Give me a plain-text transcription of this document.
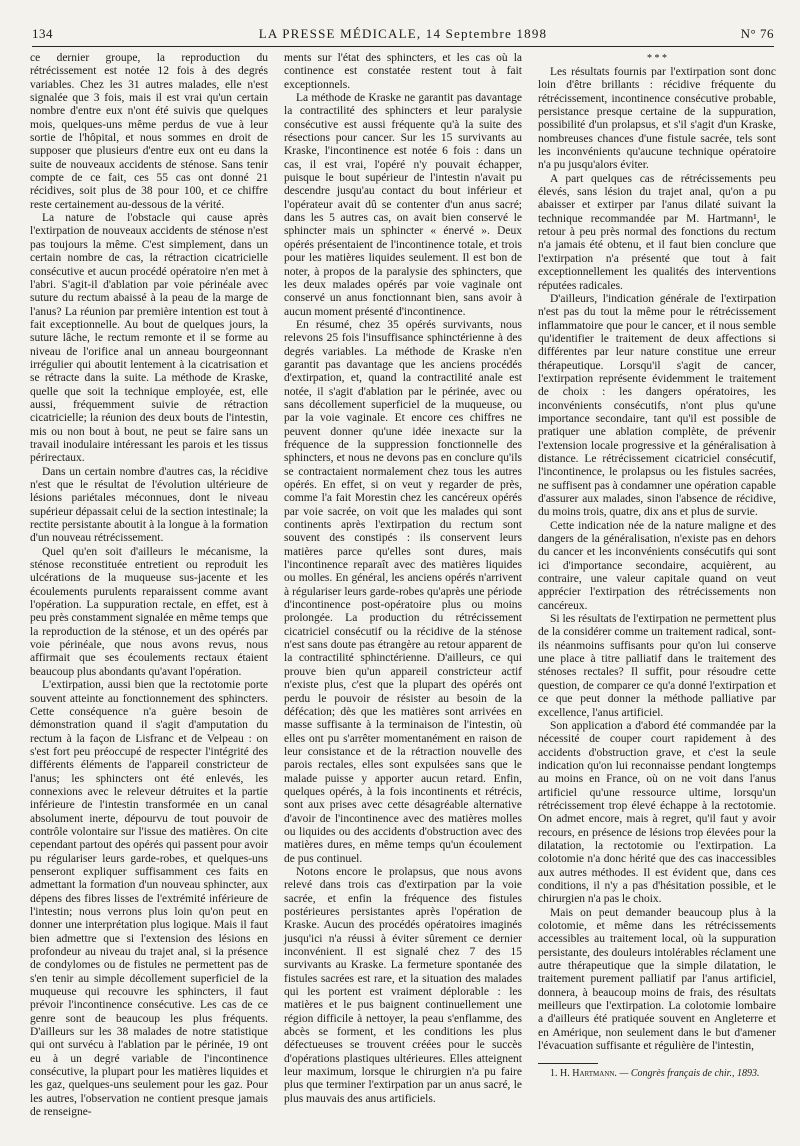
134	LA PRESSE MÉDICALE, 14 Septembre 1898	N° 76

ce dernier groupe, la reproduction du rétrécissement est notée 12 fois à des degrés variables. Chez les 31 autres malades, elle n'est signalée que 3 fois, mais il est vrai qu'un certain nombre d'entre eux n'ont été suivis que quelques mois, quelques-uns même perdus de vue à leur sortie de l'hôpital, et nous sommes en droit de supposer que plusieurs d'entre eux ont eu dans la suite de nouveaux accidents de sténose. Sans tenir compte de ce fait, ces 55 cas ont donné 21 récidives, soit plus de 38 pour 100, et ce chiffre reste certainement au-dessous de la vérité.

La nature de l'obstacle qui cause après l'extirpation de nouveaux accidents de sténose n'est pas toujours la même. C'est simplement, dans un certain nombre de cas, la rétraction cicatricielle consécutive et aucun procédé opératoire n'en met à l'abri. S'agit-il d'ablation par voie périnéale avec suture du rectum abaissé à la peau de la marge de l'anus? La réunion par première intention est tout à fait exceptionnelle. Au bout de quelques jours, la suture lâche, le rectum remonte et il se forme au niveau de l'orifice anal un anneau bourgeonnant irrégulier qui aboutit lentement à la cicatrisation et se rétracte dans la suite. La méthode de Kraske, quelle que soit la technique employée, est, elle aussi, fréquemment suivie de rétraction cicatricielle; la réunion des deux bouts de l'intestin, mis ou non bout à bout, ne peut se faire sans un travail inodulaire intéressant les parois et les tissus périrectaux.

Dans un certain nombre d'autres cas, la récidive n'est que le résultat de l'évolution ultérieure de lésions pariétales méconnues, dont le niveau supérieur dépassait celui de la section intestinale; la rectite persistante aboutit à la longue à la formation d'un nouveau rétrécissement.

Quel qu'en soit d'ailleurs le mécanisme, la sténose reconstituée entretient ou reproduit les ulcérations de la muqueuse sus-jacente et les écoulements purulents reparaissent comme avant l'opération. La suppuration rectale, en effet, est à peu près constamment signalée en même temps que la reproduction de la sténose, et un des opérés par voie périnéale, que nous avons revus, nous affirmait que ses écoulements rectaux étaient beaucoup plus abondants qu'avant l'opération.

L'extirpation, aussi bien que la rectotomie porte souvent atteinte au fonctionnement des sphincters. Cette conséquence n'a guère besoin de démonstration quand il s'agit d'amputation du rectum à la façon de Lisfranc et de Velpeau : on s'est fort peu préoccupé de respecter l'intégrité des différents éléments de l'appareil constricteur de l'anus; les sphincters ont été enlevés, les connexions avec le releveur détruites et la partie inférieure de l'intestin transformée en un canal absolument inerte, dépourvu de tout pouvoir de contrôle volontaire sur l'issue des matières. On cite cependant partout des opérés qui passent pour avoir pu régulariser leurs garde-robes, et quelques-uns penseront expliquer suffisamment ces faits en admettant la formation d'un nouveau sphincter, aux dépens des fibres lisses de l'extrémité inférieure de l'intestin; nous verrons plus loin qu'on peut en donner une interprétation plus logique. Mais il faut bien admettre que si l'extension des lésions en profondeur au niveau du trajet anal, si la présence de condylomes ou de fistules ne permettent pas de s'en tenir au simple décollement superficiel de la muqueuse qui recouvre les sphincters, il faut prévoir l'incontinence consécutive. Les cas de ce genre sont de beaucoup les plus fréquents. D'ailleurs sur les 38 malades de notre statistique qui ont survécu à l'ablation par le périnée, 19 ont eu à un degré variable de l'incontinence consécutive, la plupart pour les matières liquides et les gaz, quelques-uns seulement pour les gaz. Pour les autres, l'observation ne contient presque jamais de renseigne-

ments sur l'état des sphincters, et les cas où la continence est constatée restent tout à fait exceptionnels.

La méthode de Kraske ne garantit pas davantage la contractilité des sphincters et leur paralysie consécutive est aussi fréquente qu'à la suite des résections pour cancer. Sur les 15 survivants au Kraske, l'incontinence est notée 6 fois : dans un cas, il est vrai, l'opéré n'y pouvait échapper, puisque le bout supérieur de l'intestin n'avait pu descendre jusqu'au contact du bout inférieur et l'opérateur avait dû se contenter d'un anus sacré; dans les 5 autres cas, on avait bien conservé le sphincter mais un sphincter « énervé ». Deux opérés présentaient de l'incontinence totale, et trois pour les matières liquides seulement. Il est bon de noter, à propos de la paralysie des sphincters, que les deux malades opérés par voie vaginale ont conservé un anus fonctionnant bien, sans avoir à aucun moment présenté d'incontinence.

En résumé, chez 35 opérés survivants, nous relevons 25 fois l'insuffisance sphinctérienne à des degrés variables. La méthode de Kraske n'en garantit pas davantage que les anciens procédés d'extirpation, et, quand la contractilité anale est notée, il s'agit d'ablation par le périnée, avec ou sans décollement superficiel de la muqueuse, ou par la voie vaginale. Et encore ces chiffres ne peuvent donner qu'une idée inexacte sur la fréquence de la suppression fonctionnelle des sphincters, et nous ne devons pas en conclure qu'ils se contractaient normalement chez tous les autres opérés. En effet, si on veut y regarder de près, comme l'a fait Morestin chez les cancéreux opérés par voie sacrée, on voit que les malades qui sont continents après l'extirpation du rectum sont souvent des constipés : ils conservent leurs matières parce qu'elles sont dures, mais l'incontinence reparaît avec des matières liquides ou molles. En général, les anciens opérés n'arrivent à régulariser leurs garde-robes qu'après une période d'incontinence post-opératoire plus ou moins prolongée. La production du rétrécissement cicatriciel consécutif ou la récidive de la sténose n'est sans doute pas étrangère au retour apparent de la contractilité sphinctérienne. D'ailleurs, ce qui prouve bien qu'un appareil constricteur actif n'existe plus, c'est que la plupart des opérés ont perdu le pouvoir de résister au besoin de la défécation; dès que les matières sont arrivées en masse suffisante à la terminaison de l'intestin, où elles ont pu s'arrêter momentanément en raison de leur consistance et de la rétraction nouvelle des parois rectales, elles sont expulsées sans que le malade puisse y apporter aucun retard. Enfin, quelques opérés, à la fois incontinents et rétrécis, sont aux prises avec cette désagréable alternative d'avoir de l'incontinence avec des matières molles ou liquides ou des accidents d'obstruction avec des matières dures, en même temps qu'un écoulement de pus continuel.

Notons encore le prolapsus, que nous avons relevé dans trois cas d'extirpation par la voie sacrée, et enfin la fréquence des fistules postérieures persistantes après l'opération de Kraske. Aucun des procédés opératoires imaginés jusqu'ici n'a réussi à éviter sûrement ce dernier inconvénient. Il est signalé chez 7 des 15 survivants au Kraske. La fermeture spontanée des fistules sacrées est rare, et la situation des malades qui les portent est vraiment déplorable : les matières et le pus baignent continuellement une région difficile à nettoyer, la peau s'enflamme, des abcès se forment, et les conditions les plus défectueuses se trouvent créées pour le succès d'opérations plastiques ultérieures. Elles atteignent leur maximum, lorsque le chirurgien n'a pu faire plus que terminer l'extirpation par un anus sacré, le plus mauvais des anus artificiels.

* * *

Les résultats fournis par l'extirpation sont donc loin d'être brillants : récidive fréquente du rétrécissement, incontinence consécutive probable, persistance presque certaine de la suppuration, possibilité d'un prolapsus, et s'il s'agit d'un Kraske, nombreuses chances d'une fistule sacrée, tels sont les inconvénients qu'aucune technique opératoire n'a pu jusqu'alors éviter.

A part quelques cas de rétrécissements peu élevés, sans lésion du trajet anal, qu'on a pu abaisser et extirper par l'anus dilaté suivant la technique recommandée par M. Hartmann¹, le retour à peu près normal des fonctions du rectum n'a jamais été obtenu, et il faut bien conclure que l'extirpation n'a présenté que tout à fait exceptionnellement les qualités des interventions réputées radicales.

D'ailleurs, l'indication générale de l'extirpation n'est pas du tout la même pour le rétrécissement inflammatoire que pour le cancer, et il nous semble qu'identifier le traitement de deux affections si différentes par leur nature constitue une erreur thérapeutique. Lorsqu'il s'agit de cancer, l'extirpation représente évidemment le traitement de choix : les dangers opératoires, les inconvénients consécutifs, n'ont plus qu'une importance secondaire, tant qu'il est possible de pratiquer une ablation complète, de prévenir l'extension locale progressive et la généralisation à distance. Le rétrécissement cicatriciel consécutif, l'incontinence, le prolapsus ou les fistules sacrées, ne suffisent pas à condamner une opération capable d'assurer aux malades, sinon l'absence de récidive, du moins trois, quatre, dix ans et plus de survie.

Cette indication née de la nature maligne et des dangers de la généralisation, n'existe pas en dehors du cancer et les inconvénients consécutifs qui sont ici d'importance secondaire, acquièrent, au contraire, une valeur capitale quand on veut apprécier l'extirpation des rétrécissements non cancéreux.

Si les résultats de l'extirpation ne permettent plus de la considérer comme un traitement radical, sont-ils néanmoins suffisants pour qu'on lui conserve une place à titre palliatif dans le traitement des sténoses rectales? Il suffit, pour résoudre cette question, de comparer ce qu'a donné l'extirpation et ce que peut donner la méthode palliative par excellence, l'anus artificiel.

Son application a d'abord été commandée par la nécessité de couper court rapidement à des accidents d'obstruction grave, et c'est la seule indication qu'on lui reconnaisse pendant longtemps au moins en France, où on ne voit dans l'anus artificiel qu'une ressource ultime, lorsqu'un rétrécissement trop élevé échappe à la rectotomie. On admet encore, mais à regret, qu'il faut y avoir recours, en présence de lésions trop élevées pour la dilatation, la rectotomie ou l'extirpation. La colotomie n'a donc hérité que des cas inaccessibles aux autres méthodes. Il est évident que, dans ces conditions, il n'y a pas d'hésitation possible, et le chirurgien n'a pas le choix.

Mais on peut demander beaucoup plus à la colotomie, et même dans les rétrécissements accessibles au traitement local, où la suppuration persistante, des douleurs intolérables réclament une autre thérapeutique que la simple dilatation, le traitement purement palliatif par l'anus artificiel, donnera, à beaucoup moins de frais, des résultats meilleurs que l'extirpation. La colotomie lombaire a d'ailleurs été pratiquée souvent en Angleterre et en Amérique, non seulement dans le but d'amener l'évacuation suffisante et régulière de l'intestin,

1. H. Hartmann. — Congrès français de chir., 1893.
